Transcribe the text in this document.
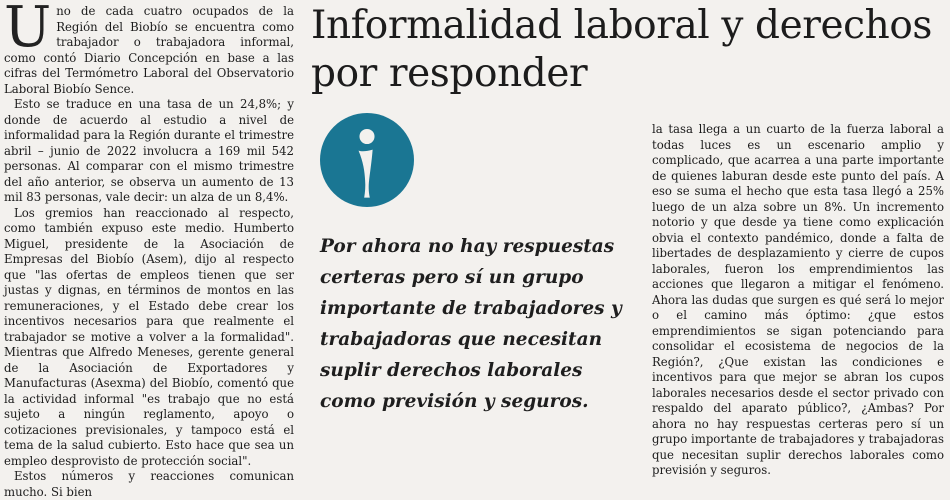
Uno de cada cuatro ocupados de la Región del Biobío se encuentra como trabajador o trabajadora informal, como contó Diario Concepción en base a las cifras del Termómetro Laboral del Observatorio Laboral Biobío Sence.

Esto se traduce en una tasa de un 24,8%; y donde de acuerdo al estudio a nivel de informalidad para la Región durante el trimestre abril – junio de 2022 involucra a 169 mil 542 personas. Al comparar con el mismo trimestre del año anterior, se observa un aumento de 13 mil 83 personas, vale decir: un alza de un 8,4%.

Los gremios han reaccionado al respecto, como también expuso este medio. Humberto Miguel, presidente de la Asociación de Empresas del Biobío (Asem), dijo al respecto que "las ofertas de empleos tienen que ser justas y dignas, en términos de montos en las remuneraciones, y el Estado debe crear los incentivos necesarios para que realmente el trabajador se motive a volver a la formalidad". Mientras que Alfredo Meneses, gerente general de la Asociación de Exportadores y Manufacturas (Asexma) del Biobío, comentó que la actividad informal "es trabajo que no está sujeto a ningún reglamento, apoyo o cotizaciones previsionales, y tampoco está el tema de la salud cubierto. Esto hace que sea un empleo desprovisto de protección social".

Estos números y reacciones comunican mucho. Si bien

Informalidad laboral y derechos por responder

Por ahora no hay respuestas certeras pero sí un grupo importante de trabajadores y trabajadoras que necesitan suplir derechos laborales como previsión y seguros.

la tasa llega a un cuarto de la fuerza laboral a todas luces es un escenario amplio y complicado, que acarrea a una parte importante de quienes laburan desde este punto del país. A eso se suma el hecho que esta tasa llegó a 25% luego de un alza sobre un 8%. Un incremento notorio y que desde ya tiene como explicación obvia el contexto pandémico, donde a falta de libertades de desplazamiento y cierre de cupos laborales, fueron los emprendimientos las acciones que llegaron a mitigar el fenómeno. Ahora las dudas que surgen es qué será lo mejor o el camino más óptimo: ¿que estos emprendimientos se sigan potenciando para consolidar el ecosistema de negocios de la Región?, ¿Que existan las condiciones e incentivos para que mejor se abran los cupos laborales necesarios desde el sector privado con respaldo del aparato público?, ¿Ambas? Por ahora no hay respuestas certeras pero sí un grupo importante de trabajadores y trabajadoras que necesitan suplir derechos laborales como previsión y seguros.
